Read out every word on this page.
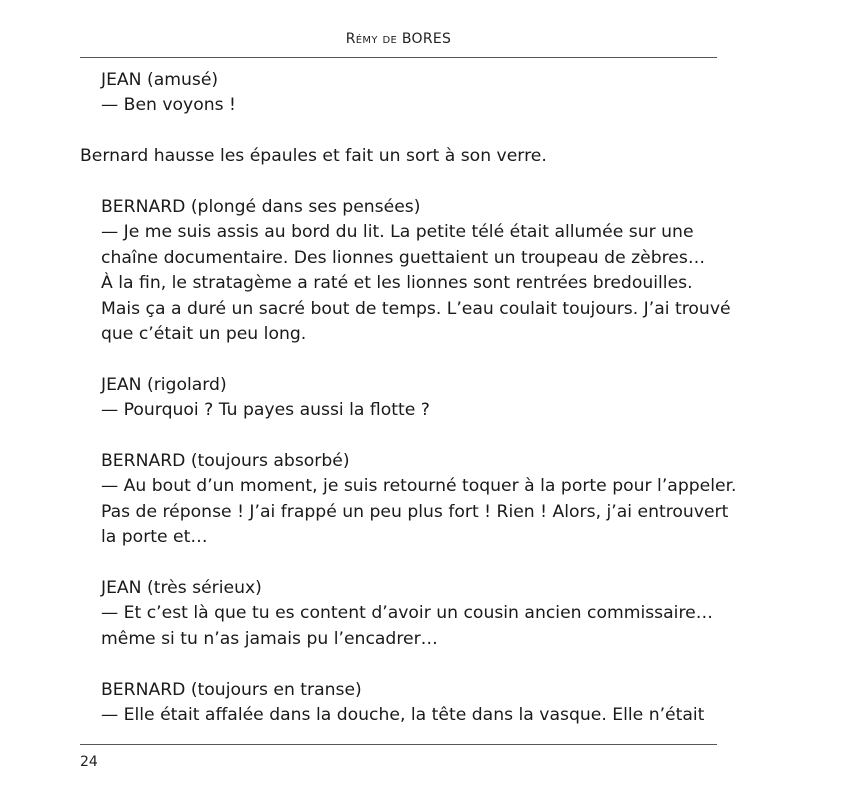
Rémy de BORES
JEAN (amusé)
— Ben voyons !
Bernard hausse les épaules et fait un sort à son verre.
BERNARD (plongé dans ses pensées)
— Je me suis assis au bord du lit. La petite télé était allumée sur une
chaîne documentaire. Des lionnes guettaient un troupeau de zèbres…
À la fin, le stratagème a raté et les lionnes sont rentrées bredouilles.
Mais ça a duré un sacré bout de temps. L’eau coulait toujours. J’ai trouvé
que c’était un peu long.
JEAN (rigolard)
— Pourquoi ? Tu payes aussi la flotte ?
BERNARD (toujours absorbé)
— Au bout d’un moment, je suis retourné toquer à la porte pour l’appeler.
Pas de réponse ! J’ai frappé un peu plus fort ! Rien ! Alors, j’ai entrouvert
la porte et…
JEAN (très sérieux)
— Et c’est là que tu es content d’avoir un cousin ancien commissaire…
même si tu n’as jamais pu l’encadrer…
BERNARD (toujours en transe)
— Elle était affalée dans la douche, la tête dans la vasque. Elle n’était
24
